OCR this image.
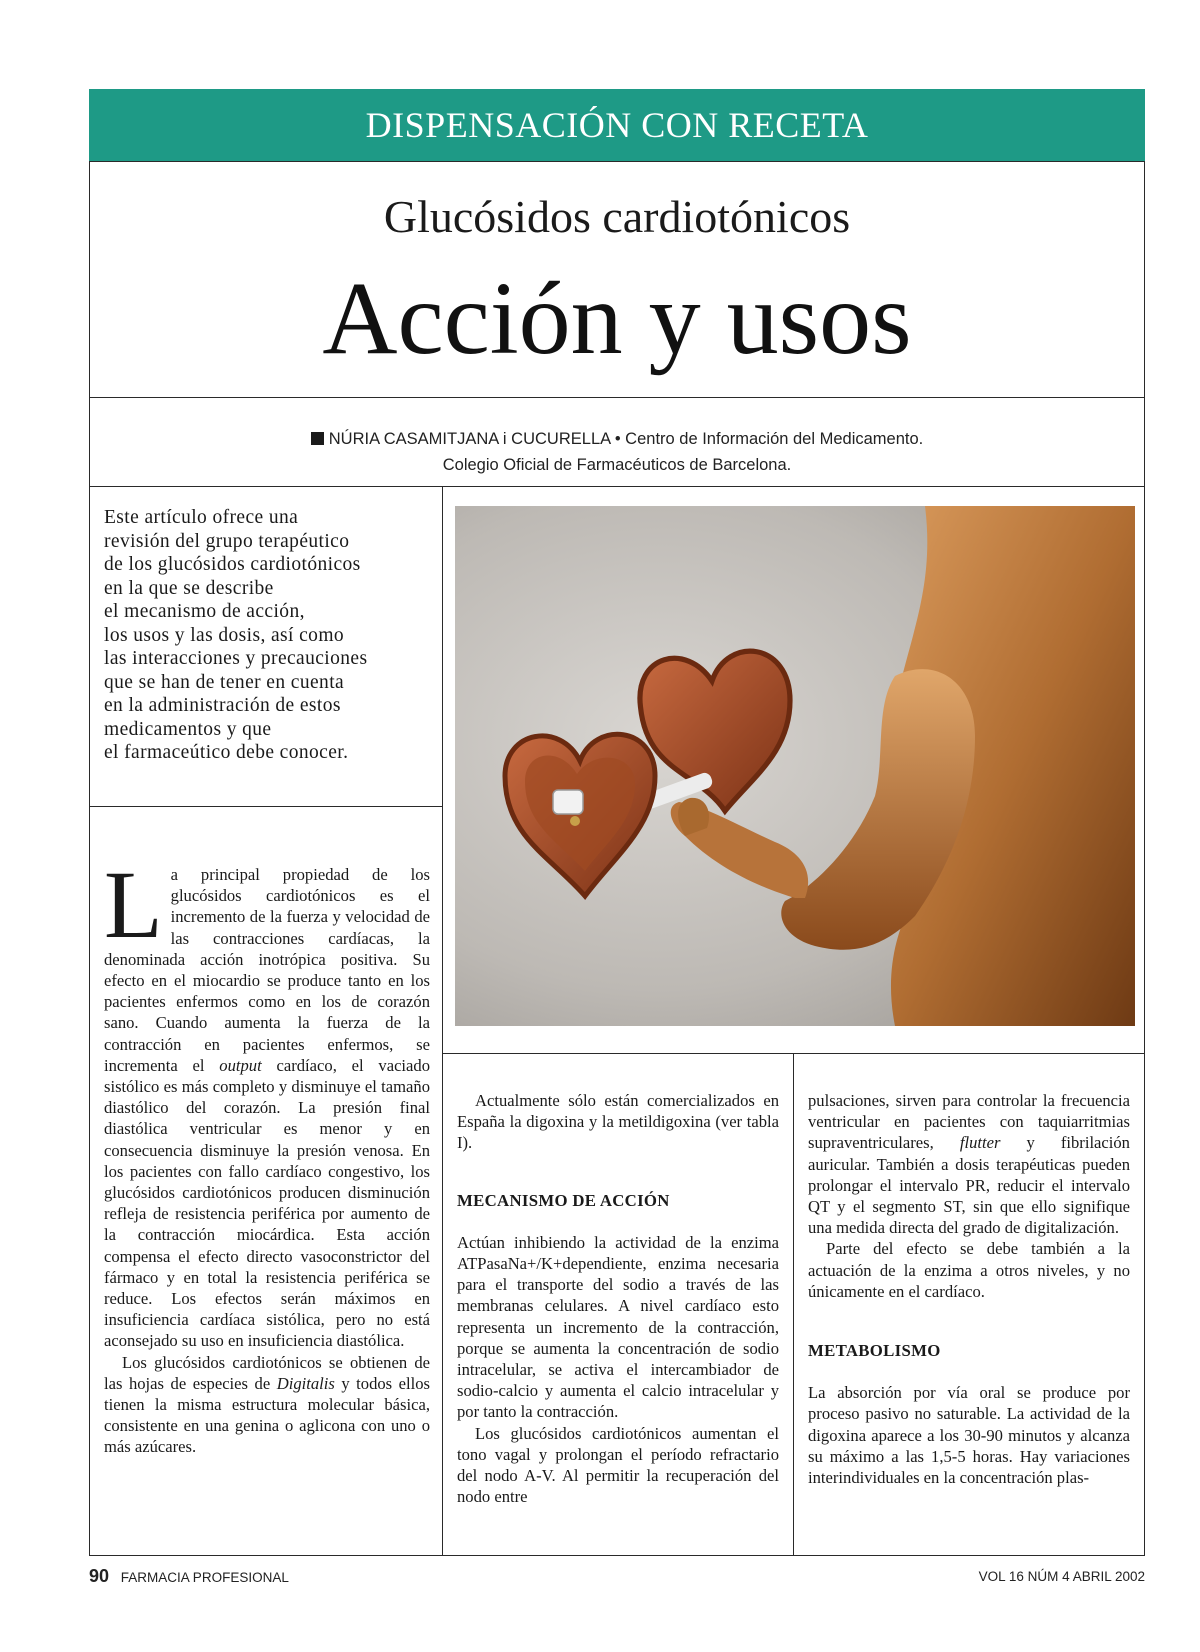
DISPENSACIÓN CON RECETA
Glucósidos cardiotónicos
Acción y usos
NÚRIA CASAMITJANA i CUCURELLA • Centro de Información del Medicamento.
Colegio Oficial de Farmacéuticos de Barcelona.
Este artículo ofrece una
revisión del grupo terapéutico
de los glucósidos cardiotónicos
en la que se describe
el mecanismo de acción,
los usos y las dosis, así como
las interacciones y precauciones
que se han de tener en cuenta
en la administración de estos
medicamentos y que
el farmaceútico debe conocer.
L a principal propiedad de los glucósidos cardiotónicos es el incremento de la fuerza y velocidad de las contracciones cardíacas, la denominada acción inotrópica positiva. Su efecto en el miocardio se produce tanto en los pacientes enfermos como en los de corazón sano. Cuando aumenta la fuerza de la contracción en pacientes enfermos, se incrementa el output cardíaco, el vaciado sistólico es más completo y disminuye el tamaño diastólico del corazón. La presión final diastólica ventricular es menor y en consecuencia disminuye la presión venosa. En los pacientes con fallo cardíaco congestivo, los glucósidos cardiotónicos producen disminución refleja de resistencia periférica por aumento de la contracción miocárdica. Esta acción compensa el efecto directo vasoconstrictor del fármaco y en total la resistencia periférica se reduce. Los efectos serán máximos en insuficiencia cardíaca sistólica, pero no está aconsejado su uso en insuficiencia diastólica.

Los glucósidos cardiotónicos se obtienen de las hojas de especies de Digitalis y todos ellos tienen la misma estructura molecular básica, consistente en una genina o aglicona con uno o más azúcares.

Actualmente sólo están comercializados en España la digoxina y la metildigoxina (ver tabla I).

MECANISMO DE ACCIÓN

Actúan inhibiendo la actividad de la enzima ATPasaNa+/K+dependiente, enzima necesaria para el transporte del sodio a través de las membranas celulares. A nivel cardíaco esto representa un incremento de la contracción, porque se aumenta la concentración de sodio intracelular, se activa el intercambiador de sodio-calcio y aumenta el calcio intracelular y por tanto la contracción.

Los glucósidos cardiotónicos aumentan el tono vagal y prolongan el período refractario del nodo A-V. Al permitir la recuperación del nodo entre

pulsaciones, sirven para controlar la frecuencia ventricular en pacientes con taquiarritmias supraventriculares, flutter y fibrilación auricular. También a dosis terapéuticas pueden prolongar el intervalo PR, reducir el intervalo QT y el segmento ST, sin que ello signifique una medida directa del grado de digitalización.

Parte del efecto se debe también a la actuación de la enzima a otros niveles, y no únicamente en el cardíaco.

METABOLISMO

La absorción por vía oral se produce por proceso pasivo no saturable. La actividad de la digoxina aparece a los 30-90 minutos y alcanza su máximo a las 1,5-5 horas. Hay variaciones interindividuales en la concentración plas-

90 FARMACIA PROFESIONAL	VOL 16 NÚM 4 ABRIL 2002
